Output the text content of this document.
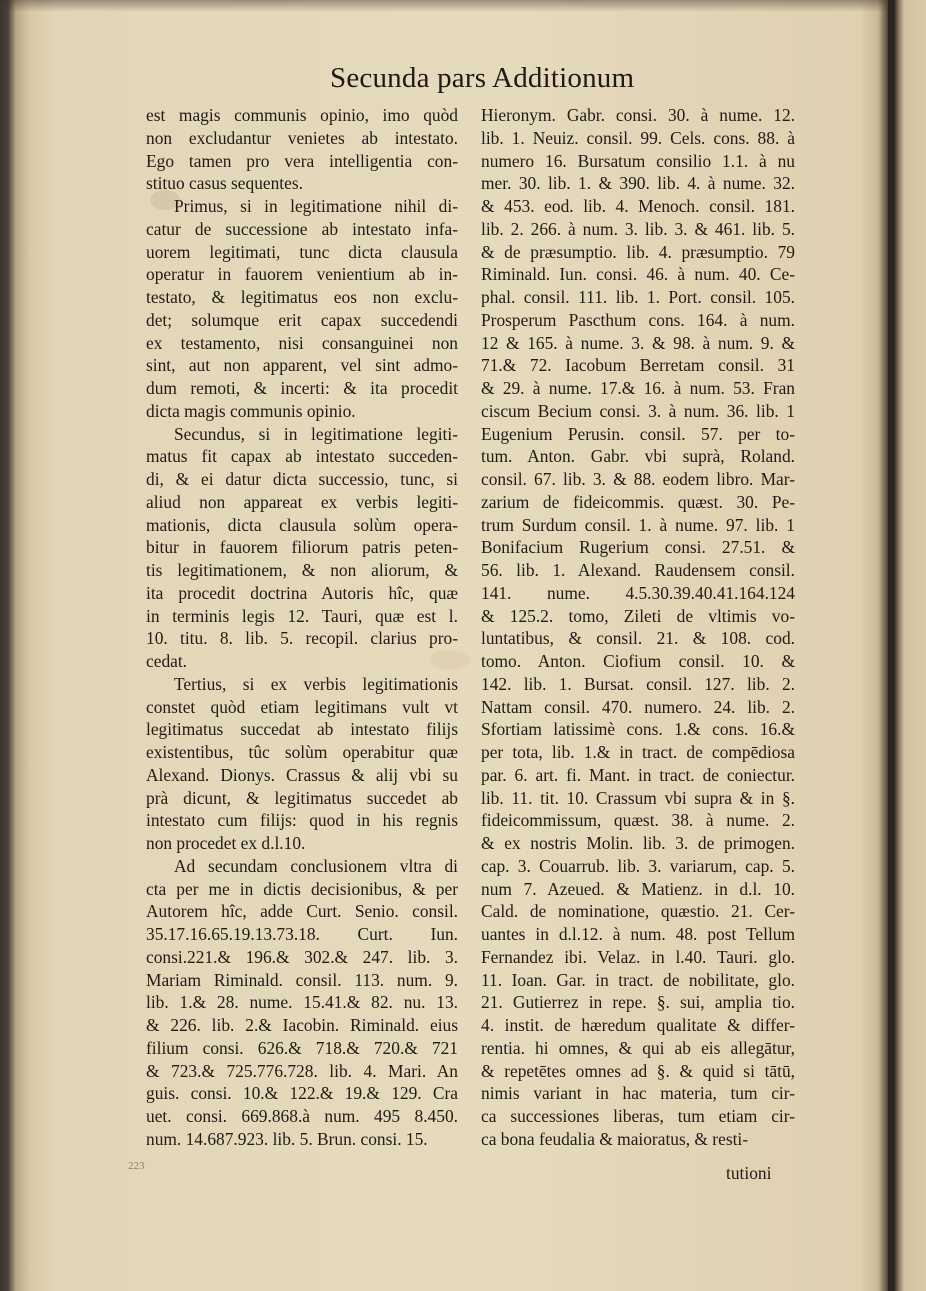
Secunda pars Additionum
est magis communis opinio, imo quòd
non excludantur venietes ab intestato.
Ego tamen pro vera intelligentia con-
stituo casus sequentes.
Primus, si in legitimatione nihil di-
catur de successione ab intestato infa-
uorem legitimati, tunc dicta clausula
operatur in fauorem venientium ab in-
testato, & legitimatus eos non exclu-
det; solumque erit capax succedendi
ex testamento, nisi consanguinei non
sint, aut non apparent, vel sint admo-
dum remoti, & incerti: & ita procedit
dicta magis communis opinio.
Secundus, si in legitimatione legiti-
matus fit capax ab intestato succeden-
di, & ei datur dicta successio, tunc, si
aliud non appareat ex verbis legiti-
mationis, dicta clausula solùm opera-
bitur in fauorem filiorum patris peten-
tis legitimationem, & non aliorum, &
ita procedit doctrina Autoris hîc, quæ
in terminis legis 12. Tauri, quæ est l.
10. titu. 8. lib. 5. recopil. clarius pro-
cedat.
Tertius, si ex verbis legitimationis
constet quòd etiam legitimans vult vt
legitimatus succedat ab intestato filijs
existentibus, tûc solùm operabitur quæ
Alexand. Dionys. Crassus & alij vbi su
prà dicunt, & legitimatus succedet ab
intestato cum filijs: quod in his regnis
non procedet ex d.l.10.
Ad secundam conclusionem vltra di
cta per me in dictis decisionibus, & per
Autorem hîc, adde Curt. Senio. consil.
35.17.16.65.19.13.73.18. Curt. Iun.
consi.221.& 196.& 302.& 247. lib. 3.
Mariam Riminald. consil. 113. num. 9.
lib. 1.& 28. nume. 15.41.& 82. nu. 13.
& 226. lib. 2.& Iacobin. Riminald. eius
filium consi. 626.& 718.& 720.& 721
& 723.& 725.776.728. lib. 4. Mari. An
guis. consi. 10.& 122.& 19.& 129. Cra
uet. consi. 669.868.à num. 495 8.450.
num. 14.687.923. lib. 5. Brun. consi. 15.
Hieronym. Gabr. consi. 30. à nume. 12.
lib. 1. Neuiz. consil. 99. Cels. cons. 88. à
numero 16. Bursatum consilio 1.1. à nu
mer. 30. lib. 1. & 390. lib. 4. à nume. 32.
& 453. eod. lib. 4. Menoch. consil. 181.
lib. 2. 266. à num. 3. lib. 3. & 461. lib. 5.
& de præsumptio. lib. 4. præsumptio. 79
Riminald. Iun. consi. 46. à num. 40. Ce-
phal. consil. 111. lib. 1. Port. consil. 105.
Prosperum Pascthum cons. 164. à num.
12 & 165. à nume. 3. & 98. à num. 9. &
71.& 72. Iacobum Berretam consil. 31
& 29. à nume. 17.& 16. à num. 53. Fran
ciscum Becium consi. 3. à num. 36. lib. 1
Eugenium Perusin. consil. 57. per to-
tum. Anton. Gabr. vbi suprà, Roland.
consil. 67. lib. 3. & 88. eodem libro. Mar-
zarium de fideicommis. quæst. 30. Pe-
trum Surdum consil. 1. à nume. 97. lib. 1
Bonifacium Rugerium consi. 27.51. &
56. lib. 1. Alexand. Raudensem consil.
141. nume. 4.5.30.39.40.41.164.124
& 125.2. tomo, Zileti de vltimis vo-
luntatibus, & consil. 21. & 108. cod.
tomo. Anton. Ciofium consil. 10. &
142. lib. 1. Bursat. consil. 127. lib. 2.
Nattam consil. 470. numero. 24. lib. 2.
Sfortiam latissimè cons. 1.& cons. 16.&
per tota, lib. 1.& in tract. de compēdiosa
par. 6. art. fi. Mant. in tract. de coniectur.
lib. 11. tit. 10. Crassum vbi supra & in §.
fideicommissum, quæst. 38. à nume. 2.
& ex nostris Molin. lib. 3. de primogen.
cap. 3. Couarrub. lib. 3. variarum, cap. 5.
num 7. Azeued. & Matienz. in d.l. 10.
Cald. de nominatione, quæstio. 21. Cer-
uantes in d.l.12. à num. 48. post Tellum
Fernandez ibi. Velaz. in l.40. Tauri. glo.
11. Ioan. Gar. in tract. de nobilitate, glo.
21. Gutierrez in repe. §. sui, amplia tio.
4. instit. de hæredum qualitate & differ-
rentia. hi omnes, & qui ab eis allegātur,
& repetētes omnes ad §. & quid si tātū,
nimis variant in hac materia, tum cir-
ca successiones liberas, tum etiam cir-
ca bona feudalia & maioratus, & resti-
tutioni
223
